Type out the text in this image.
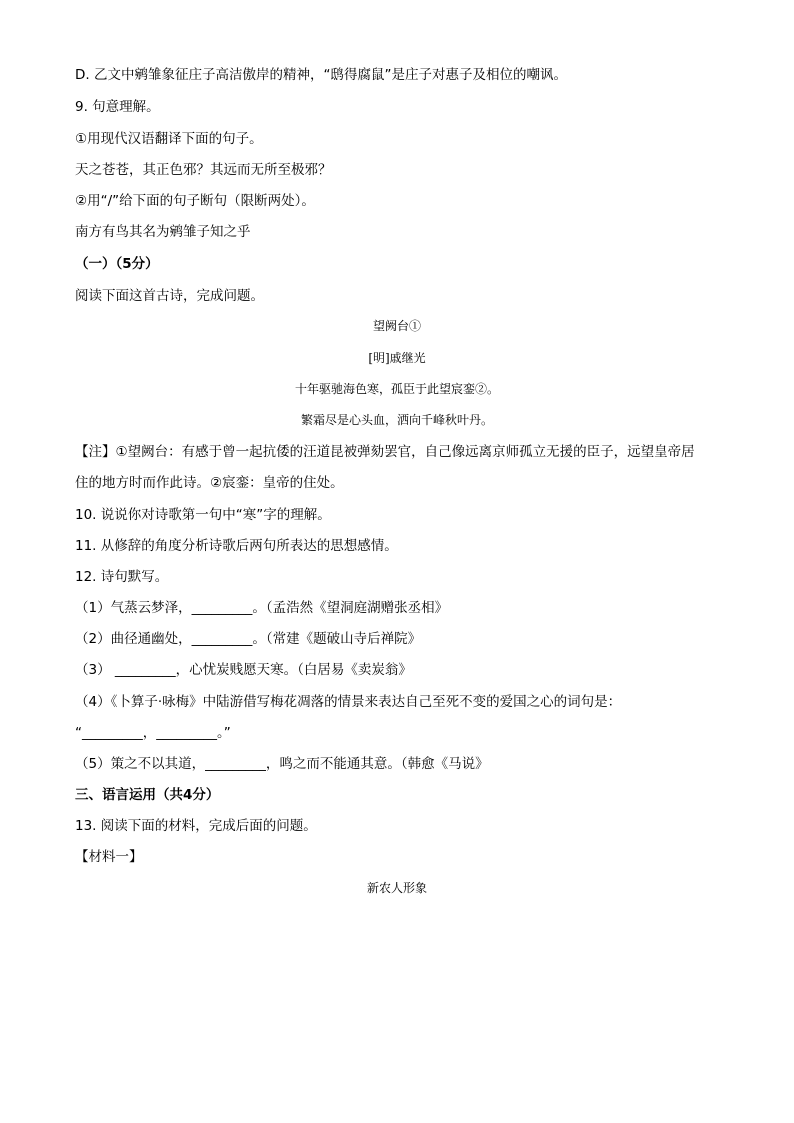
D. 乙文中鹓雏象征庄子高洁傲岸的精神，“鸱得腐鼠”是庄子对惠子及相位的嘲讽。

9. 句意理解。

①用现代汉语翻译下面的句子。

天之苍苍，其正色邪？其远而无所至极邪？

②用“/”给下面的句子断句（限断两处）。

南方有鸟其名为鹓雏子知之乎

（一）（5分）

阅读下面这首古诗，完成问题。

望阙台①

[明]戚继光

十年驱驰海色寒，孤臣于此望宸銮②。

繁霜尽是心头血，洒向千峰秋叶丹。

【注】①望阙台：有感于曾一起抗倭的汪道昆被弹劾罢官，自己像远离京师孤立无援的臣子，远望皇帝居

住的地方时而作此诗。②宸銮：皇帝的住处。

10. 说说你对诗歌第一句中“寒”字的理解。

11. 从修辞的角度分析诗歌后两句所表达的思想感情。

12. 诗句默写。

（1）气蒸云梦泽，_________。（孟浩然《望洞庭湖赠张丞相》

（2）曲径通幽处，_________。（常建《题破山寺后禅院》

（3） _________，心忧炭贱愿天寒。（白居易《卖炭翁》

（4）《卜算子·咏梅》中陆游借写梅花凋落的情景来表达自己至死不变的爱国之心的词句是：

“_________，_________。”

（5）策之不以其道，_________，鸣之而不能通其意。（韩愈《马说》

三、语言运用（共4分）

13. 阅读下面的材料，完成后面的问题。

【材料一】

新农人形象
